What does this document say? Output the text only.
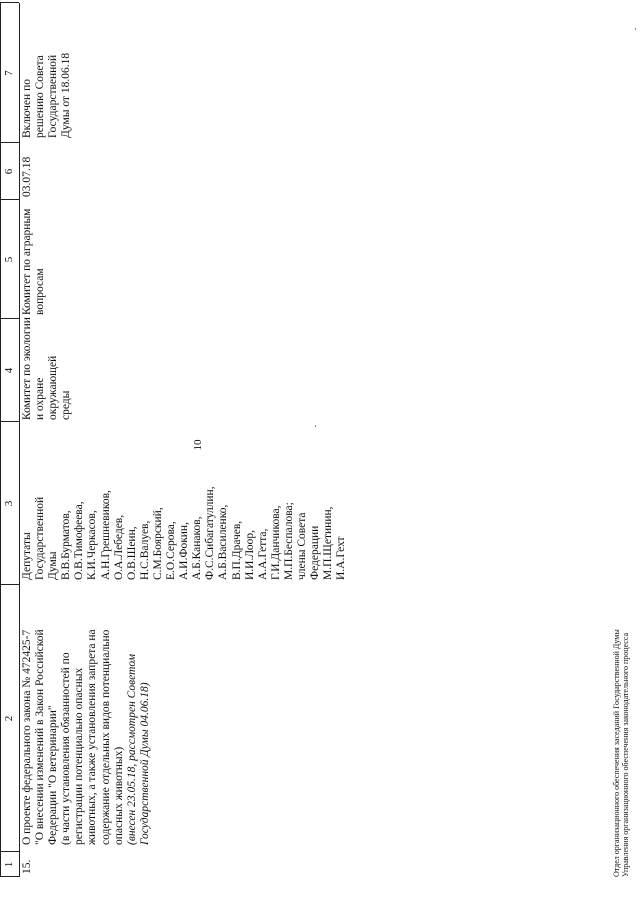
10
1
2
3
4
5
6
7
15.
О проекте федерального закона № 472425-7
"О внесении изменений в Закон Российской
Федерации "О ветеринарии"
(в части установления обязанностей по
регистрации потенциально опасных
животных, а также установления запрета на
содержание отдельных видов потенциально
опасных животных)
(внесен 23.05.18, рассмотрен Советом
Государственной Думы 04.06.18)
Депутаты
Государственной
Думы
В.В.Бурматов,
О.В.Тимофеева,
К.И.Черкасов,
А.Н.Грешневиков,
О.А.Лебедев,
О.В.Шеин,
Н.С.Валуев,
С.М.Боярский,
Е.О.Серова,
А.И.Фокин,
А.Б.Канаков,
Ф.С.Сибагатуллин,
А.Б.Василенко,
В.П.Драчев,
И.И.Лоор,
А.А.Гетта,
Г.И.Данчикова,
М.П.Беспалова;
члены Совета
Федерации
М.П.Щетинин,
И.А.Гехт
Комитет по экологии
и охране окружающей
среды
Комитет по аграрным
вопросам
03.07.18
Включен по
решению Совета
Государственной
Думы от 18.06.18
Отдел организационного обеспечения заседаний Государственной Думы Управления организационного обеспечения законодательного процесса
